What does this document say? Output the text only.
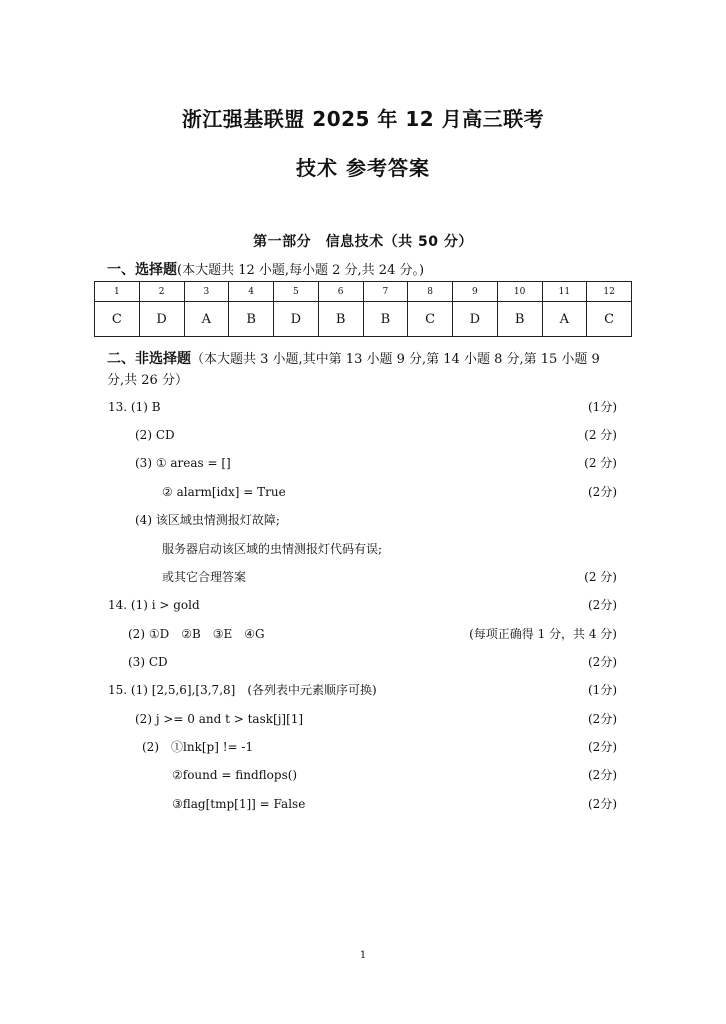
浙江强基联盟 2025 年 12 月高三联考
技术 参考答案
第一部分　信息技术（共 50 分）
一、选择题(本大题共 12 小题,每小题 2 分,共 24 分。)
1	2	3	4	5	6	7	8	9	10	11	12
C	D	A	B	D	B	B	C	D	B	A	C
二、非选择题（本大题共 3 小题,其中第 13 小题 9 分,第 14 小题 8 分,第 15 小题 9 分,共 26 分）
13. (1) B	(1分)
(2) CD	(2 分)
(3) ① areas = []	(2 分)
② alarm[idx] = True	(2分)
(4) 该区域虫情测报灯故障;
服务器启动该区域的虫情测报灯代码有误;
或其它合理答案	(2 分)
14. (1) i > gold	(2分)
(2) ①D　②B　③E　④G	(每项正确得 1 分，共 4 分)
(3) CD	(2分)
15. (1) [2,5,6],[3,7,8]　(各列表中元素顺序可换)	(1分)
(2) j >= 0 and t > task[j][1]	(2分)
(2)　①lnk[p] != -1	(2分)
②found = findflops()	(2分)
③flag[tmp[1]] = False	(2分)
1
